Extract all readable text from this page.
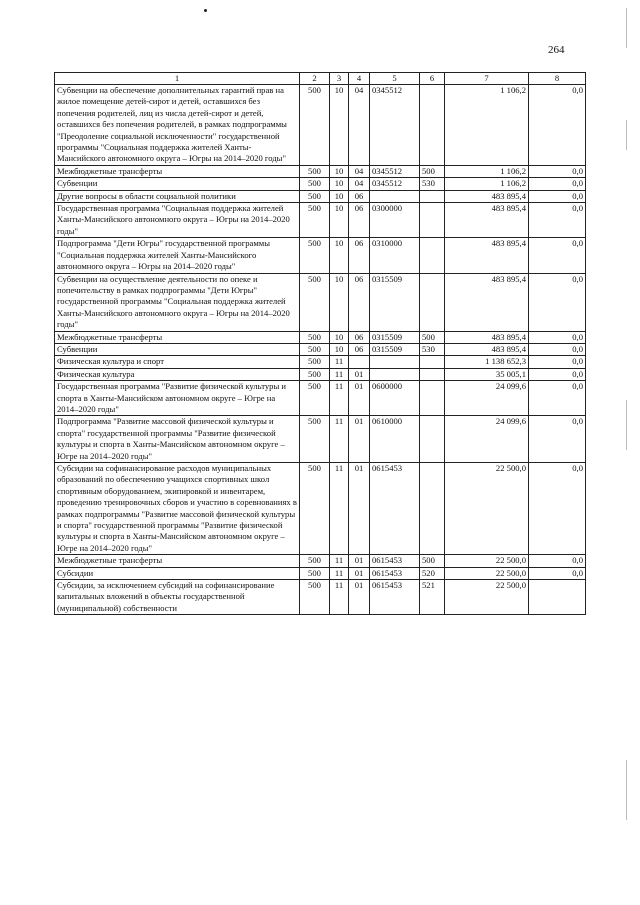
264
1	2	3	4	5	6	7	8
Субвенции на обеспечение дополнительных гарантий прав на жилое помещение детей-сирот и детей, оставшихся без попечения родителей, лиц из числа детей-сирот и детей, оставшихся без попечения родителей, в рамках подпрограммы "Преодоление социальной исключенности" государственной программы "Социальная поддержка жителей Ханты-Мансийского автономного округа – Югры на 2014–2020 годы"	500	10	04	0345512		1 106,2	0,0
Межбюджетные трансферты	500	10	04	0345512	500	1 106,2	0,0
Субвенции	500	10	04	0345512	530	1 106,2	0,0
Другие вопросы в области социальной политики	500	10	06			483 895,4	0,0
Государственная программа "Социальная поддержка жителей Ханты-Мансийского автономного округа – Югры на 2014–2020 годы"	500	10	06	0300000		483 895,4	0,0
Подпрограмма "Дети Югры" государственной программы "Социальная поддержка жителей Ханты-Мансийского автономного округа – Югры на 2014–2020 годы"	500	10	06	0310000		483 895,4	0,0
Субвенции на осуществление деятельности по опеке и попечительству в рамках подпрограммы "Дети Югры" государственной программы "Социальная поддержка жителей Ханты-Мансийского автономного округа – Югры на 2014–2020 годы"	500	10	06	0315509		483 895,4	0,0
Межбюджетные трансферты	500	10	06	0315509	500	483 895,4	0,0
Субвенции	500	10	06	0315509	530	483 895,4	0,0
Физическая культура и спорт	500	11				1 138 652,3	0,0
Физическая культура	500	11	01			35 005,1	0,0
Государственная программа "Развитие физической культуры и спорта в Ханты-Мансийском автономном округе – Югре на 2014–2020 годы"	500	11	01	0600000		24 099,6	0,0
Подпрограмма "Развитие массовой физической культуры и спорта" государственной программы "Развитие физической культуры и спорта в Ханты-Мансийском автономном округе – Югре на 2014–2020 годы"	500	11	01	0610000		24 099,6	0,0
Субсидии на софинансирование расходов муниципальных образований по обеспечению учащихся спортивных школ спортивным оборудованием, экипировкой и инвентарем, проведению тренировочных сборов и участию в соревнованиях в рамках подпрограммы "Развитие массовой физической культуры и спорта" государственной программы "Развитие физической культуры и спорта в Ханты-Мансийском автономном округе – Югре на 2014–2020 годы"	500	11	01	0615453		22 500,0	0,0
Межбюджетные трансферты	500	11	01	0615453	500	22 500,0	0,0
Субсидии	500	11	01	0615453	520	22 500,0	0,0
Субсидии, за исключением субсидий на софинансирование капитальных вложений в объекты государственной (муниципальной) собственности	500	11	01	0615453	521	22 500,0	
